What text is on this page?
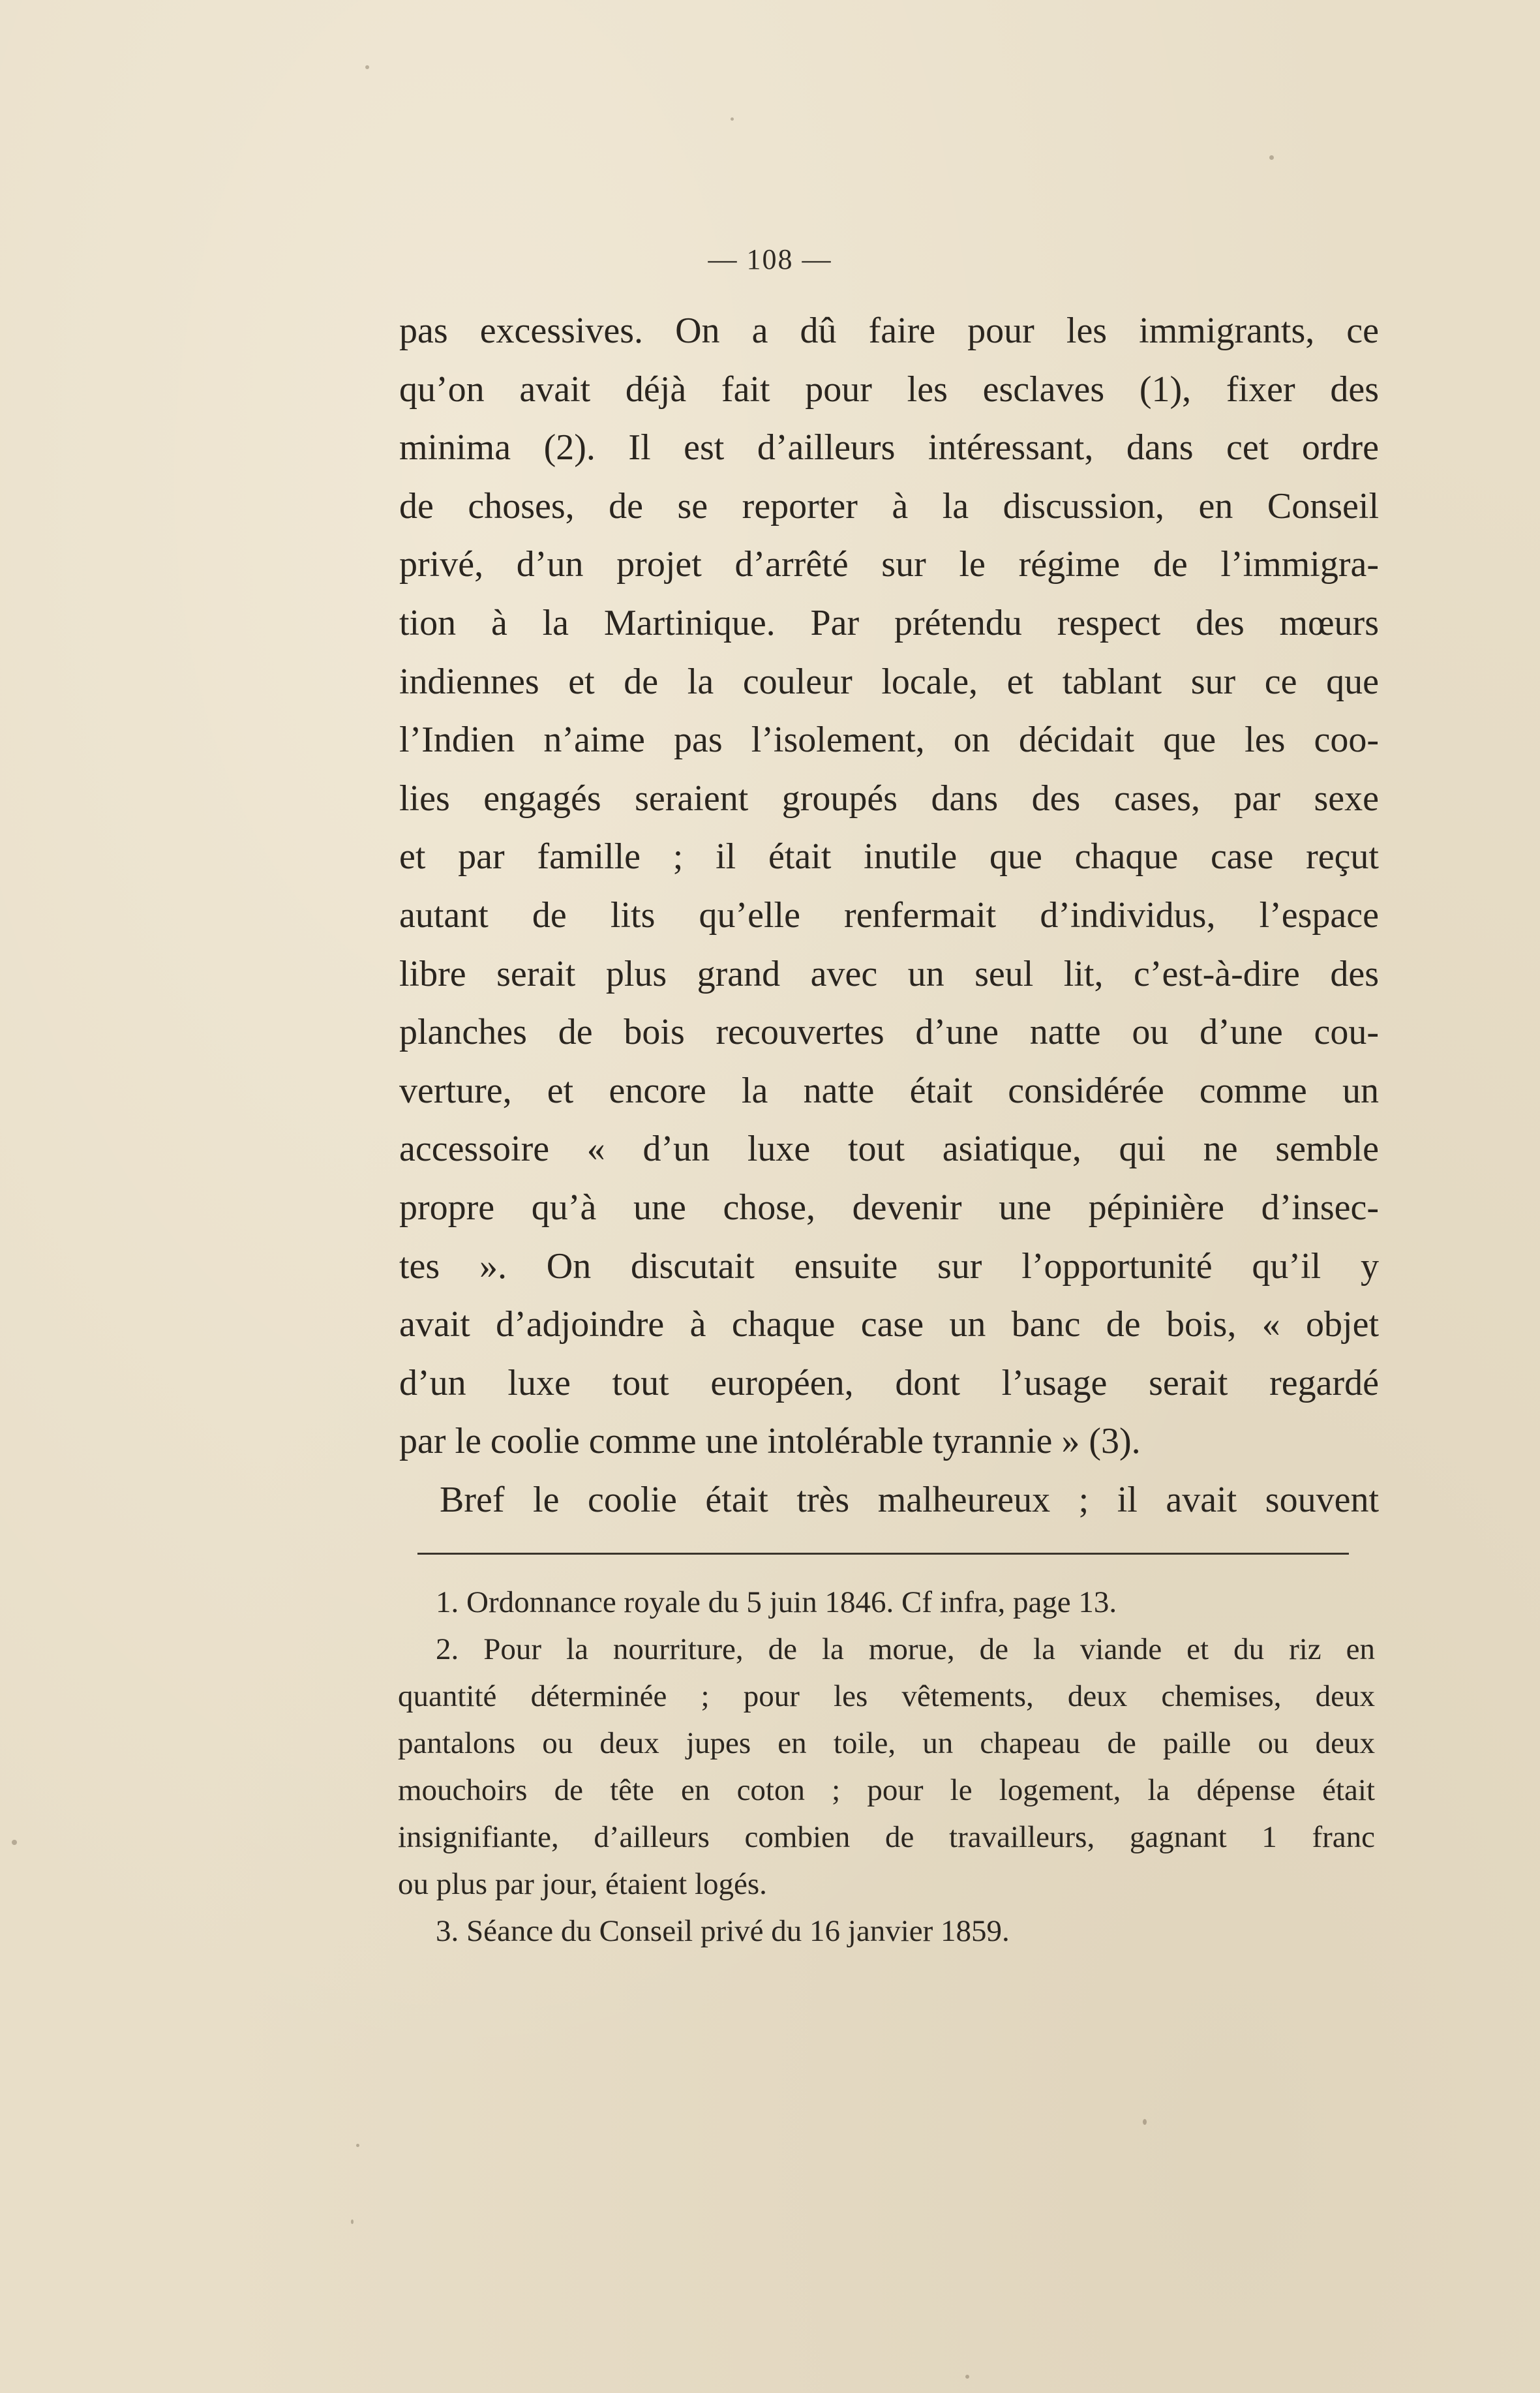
— 108 —
pas excessives. On a dû faire pour les immigrants, ce
qu’on avait déjà fait pour les esclaves (1), fixer des
minima (2). Il est d’ailleurs intéressant, dans cet ordre
de choses, de se reporter à la discussion, en Conseil
privé, d’un projet d’arrêté sur le régime de l’immigra-
tion à la Martinique. Par prétendu respect des mœurs
indiennes et de la couleur locale, et tablant sur ce que
l’Indien n’aime pas l’isolement, on décidait que les coo-
lies engagés seraient groupés dans des cases, par sexe
et par famille ; il était inutile que chaque case reçut
autant de lits qu’elle renfermait d’individus, l’espace
libre serait plus grand avec un seul lit, c’est-à-dire des
planches de bois recouvertes d’une natte ou d’une cou-
verture, et encore la natte était considérée comme un
accessoire « d’un luxe tout asiatique, qui ne semble
propre qu’à une chose, devenir une pépinière d’insec-
tes ». On discutait ensuite sur l’opportunité qu’il y
avait d’adjoindre à chaque case un banc de bois, « objet
d’un luxe tout européen, dont l’usage serait regardé
par le coolie comme une intolérable tyrannie » (3).
Bref le coolie était très malheureux ; il avait souvent
1. Ordonnance royale du 5 juin 1846. Cf infra, page 13.
2. Pour la nourriture, de la morue, de la viande et du riz en
quantité déterminée ; pour les vêtements, deux chemises, deux
pantalons ou deux jupes en toile, un chapeau de paille ou deux
mouchoirs de tête en coton ; pour le logement, la dépense était
insignifiante, d’ailleurs combien de travailleurs, gagnant 1 franc
ou plus par jour, étaient logés.
3. Séance du Conseil privé du 16 janvier 1859.
